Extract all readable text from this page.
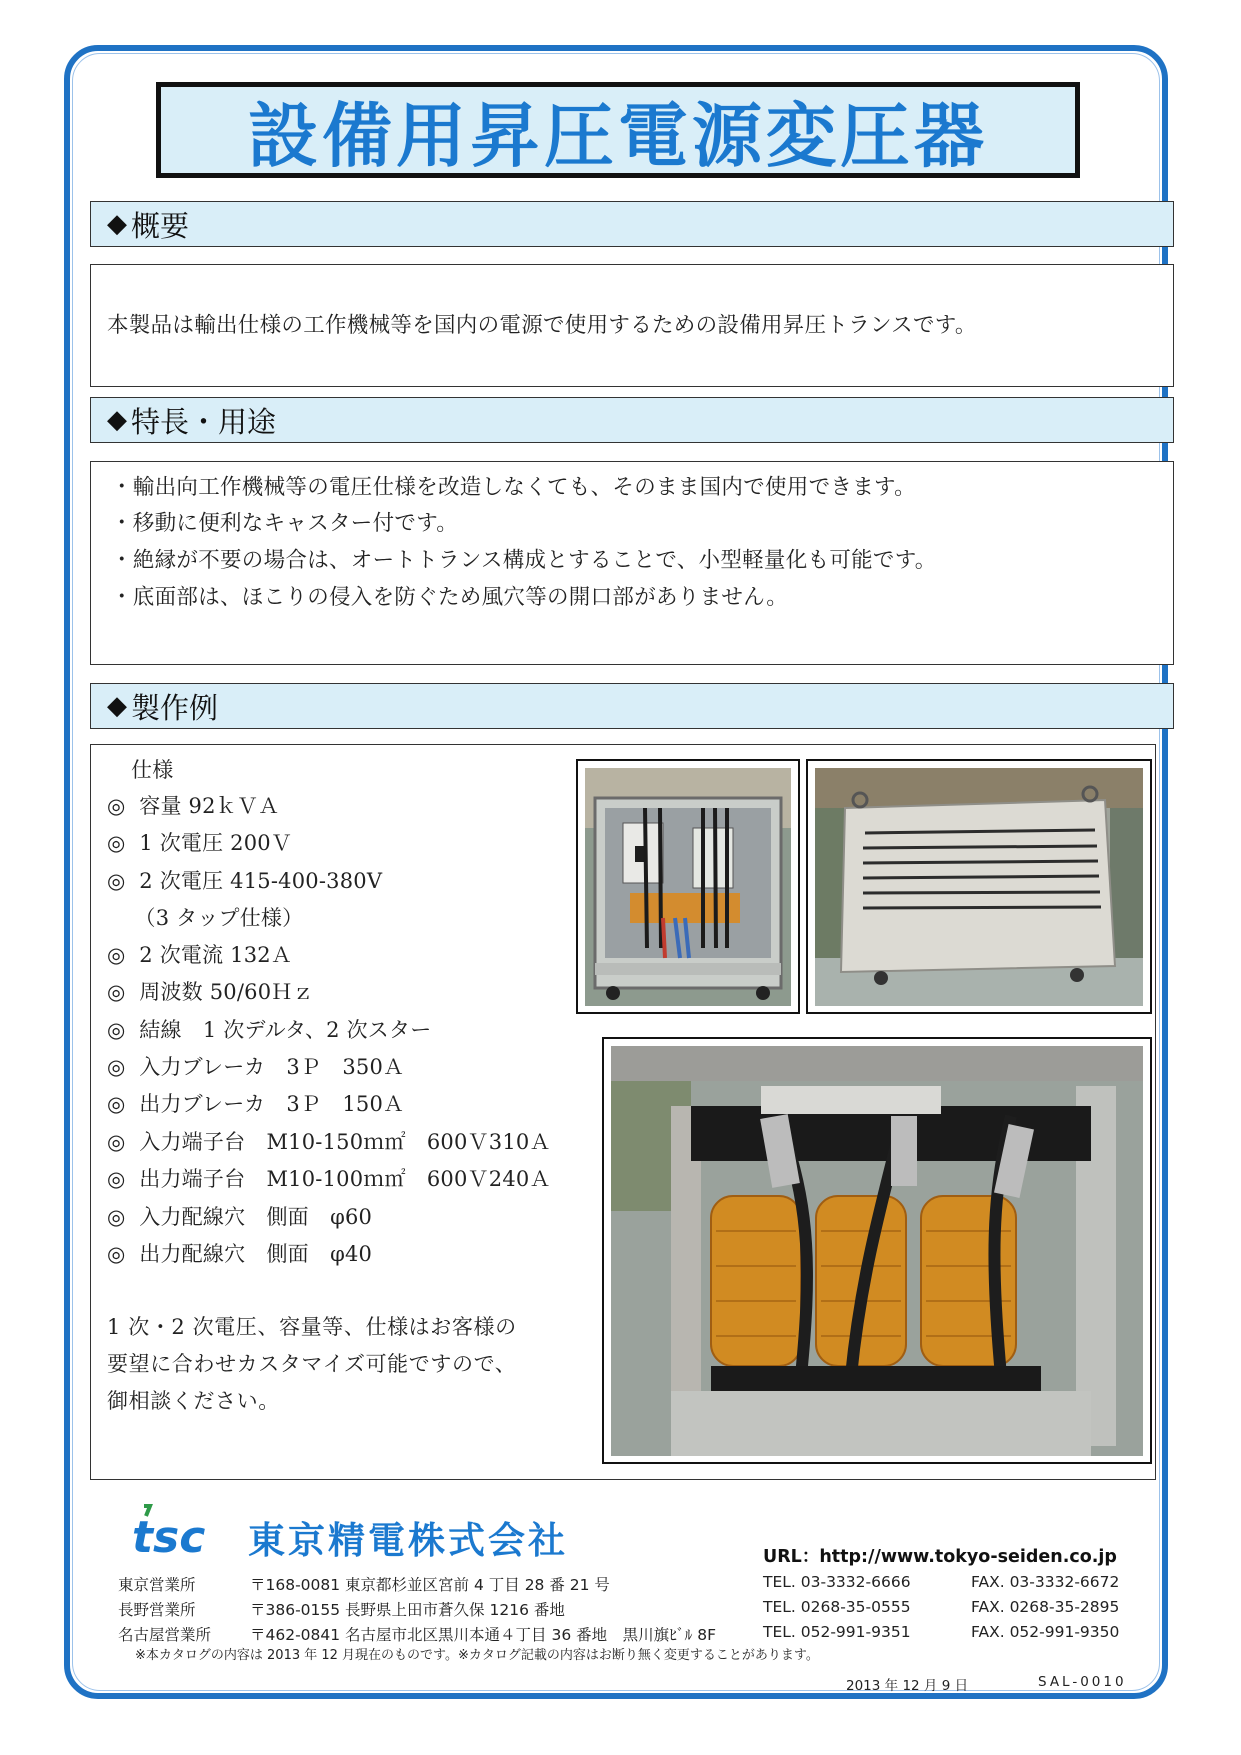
設備用昇圧電源変圧器
◆ 概要
本製品は輸出仕様の工作機械等を国内の電源で使用するための設備用昇圧トランスです。
◆ 特長・用途
・輸出向工作機械等の電圧仕様を改造しなくても、そのまま国内で使用できます。
・移動に便利なキャスター付です。
・絶縁が不要の場合は、オートトランス構成とすることで、小型軽量化も可能です。
・底面部は、ほこりの侵入を防ぐため風穴等の開口部がありません。
◆ 製作例
仕様
◎  容量 92ｋＶＡ
◎  1 次電圧 200Ｖ
◎  2 次電圧 415-400-380V
（3 タップ仕様）
◎  2 次電流 132Ａ
◎  周波数 50/60Ｈｚ
◎  結線　1 次デルタ、2 次スター
◎  入力ブレーカ　3Ｐ　350Ａ
◎  出力ブレーカ　3Ｐ　150Ａ
◎  入力端子台　M10-150ｍ㎡　600Ｖ310Ａ
◎  出力端子台　M10-100ｍ㎡　600Ｖ240Ａ
◎  入力配線穴　側面　φ60
◎  出力配線穴　側面　φ40
1 次・2 次電圧、容量等、仕様はお客様の
要望に合わせカスタマイズ可能ですので、
御相談ください。
tsc 東京精電株式会社	URL：http://www.tokyo-seiden.co.jp
東京営業所	〒168-0081 東京都杉並区宮前 4 丁目 28 番 21 号	TEL. 03-3332-6666	FAX. 03-3332-6672
長野営業所	〒386-0155 長野県上田市蒼久保 1216 番地	TEL. 0268-35-0555	FAX. 0268-35-2895
名古屋営業所	〒462-0841 名古屋市北区黒川本通４丁目 36 番地　黒川旗ﾋﾞﾙ 8F	TEL. 052-991-9351	FAX. 052-991-9350
※本カタログの内容は 2013 年 12 月現在のものです。※カタログ記載の内容はお断り無く変更することがあります。
2013 年 12 月 9 日	SAL-0010
